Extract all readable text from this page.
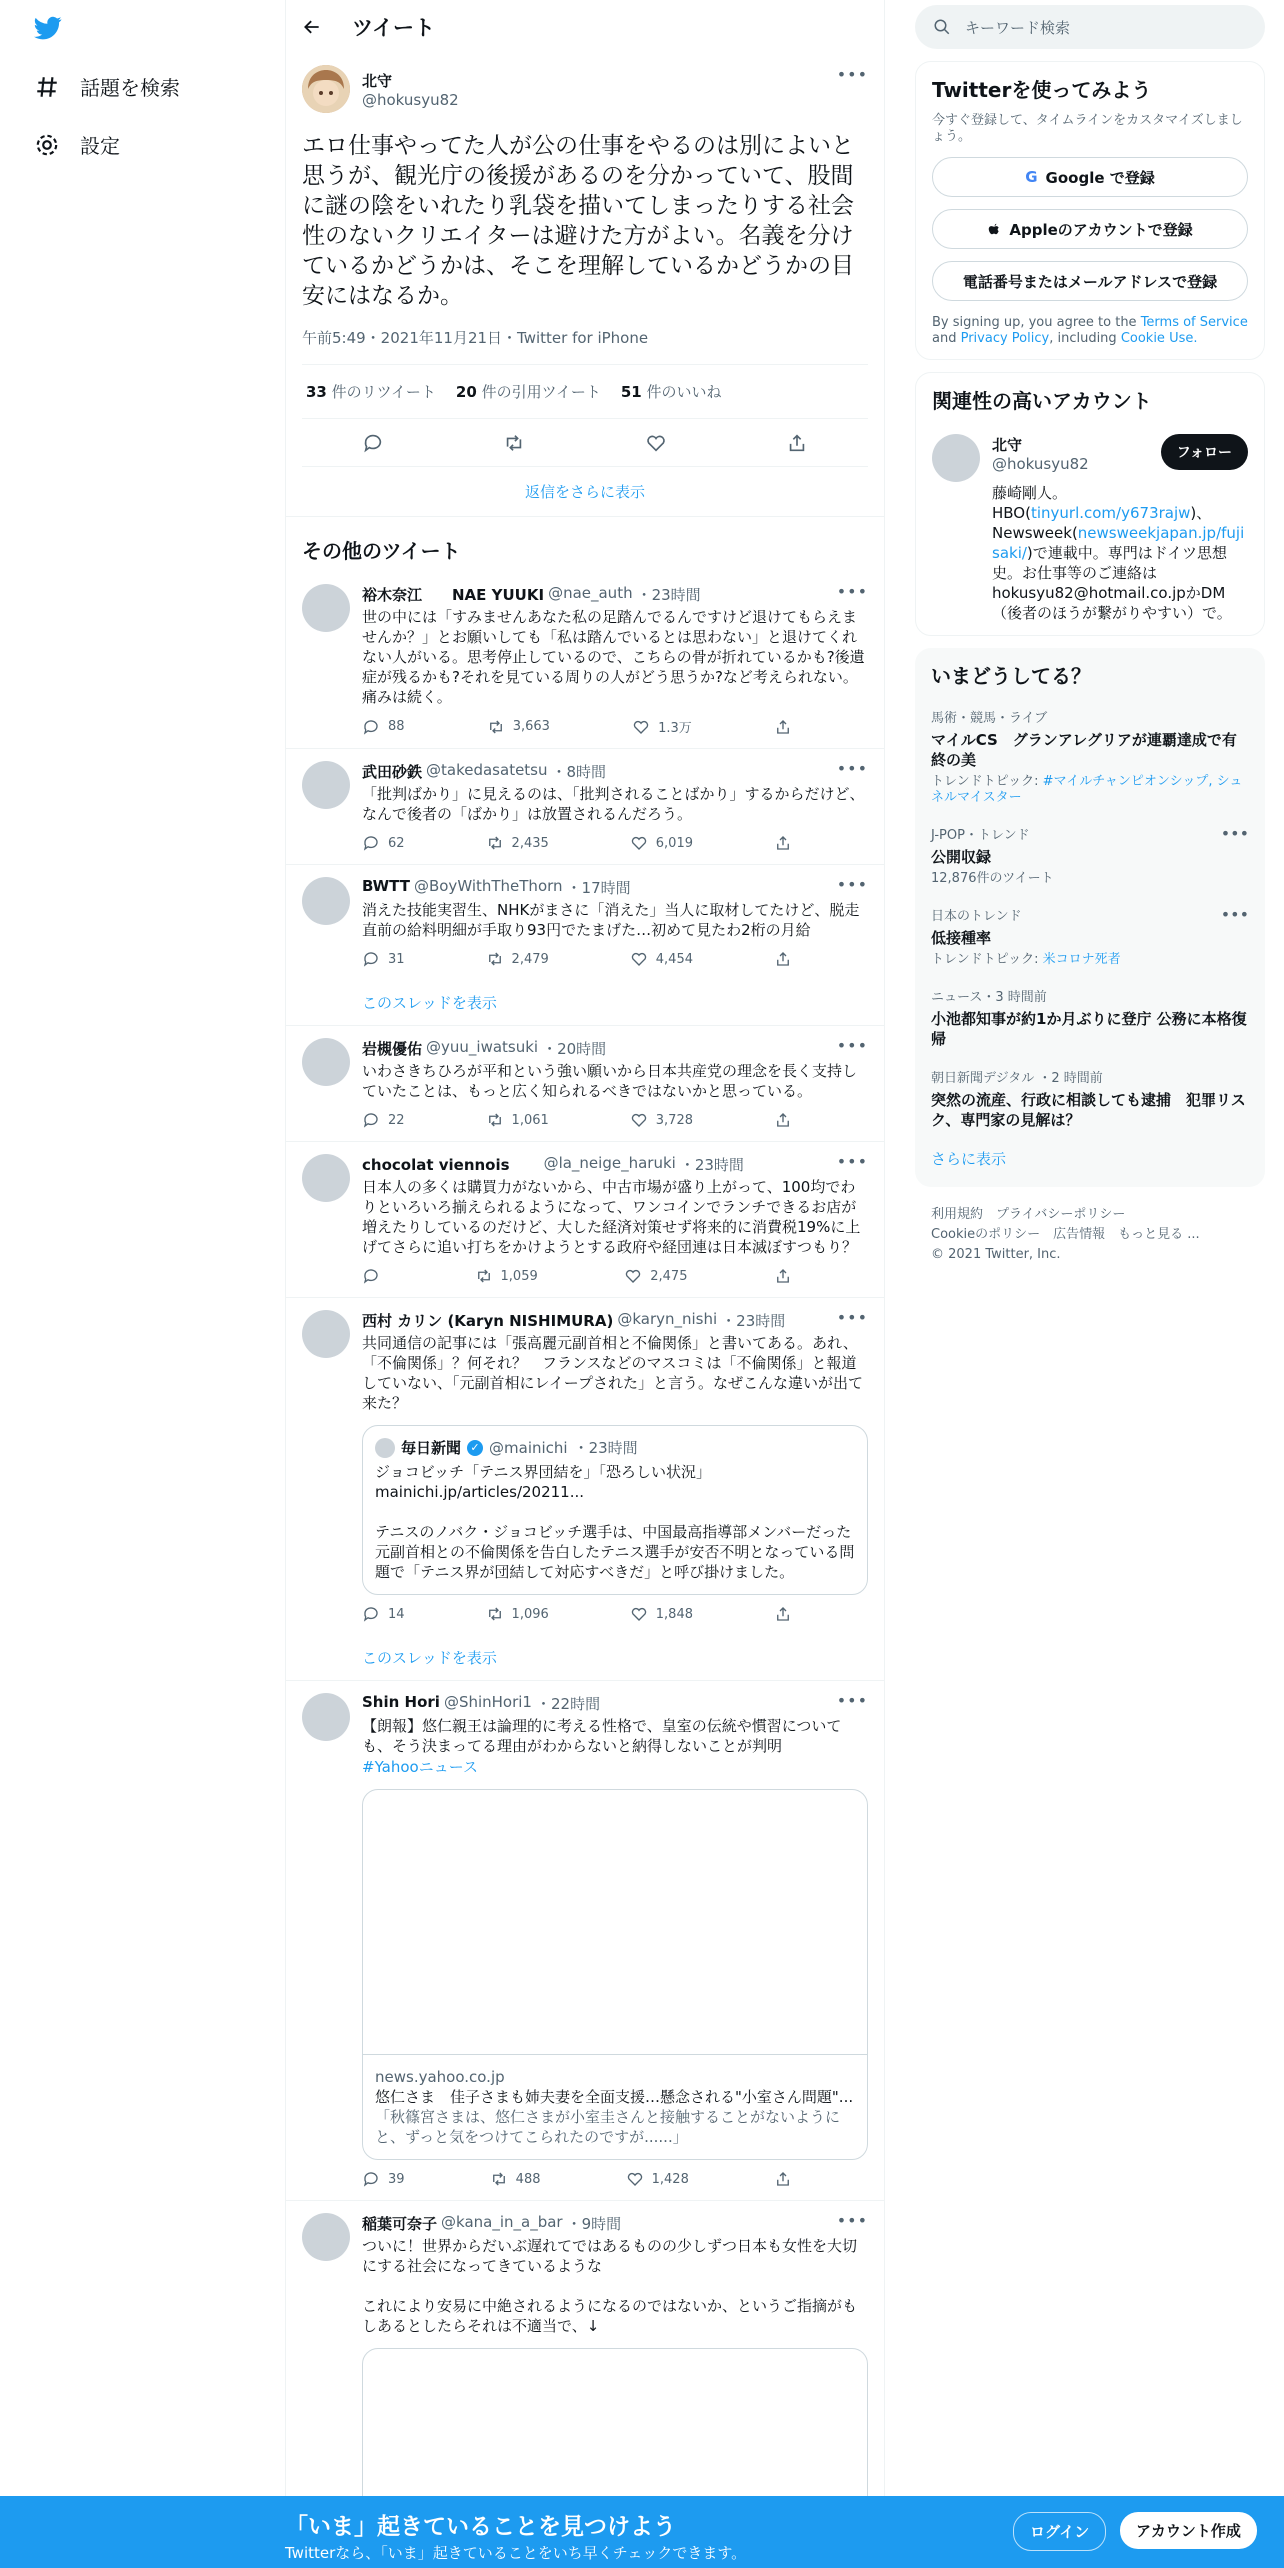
話題を検索
設定
ツイート
北守
@hokusyu82
•••
エロ仕事やってた人が公の仕事をやるのは別によいと思うが、観光庁の後援があるのを分かっていて、股間に謎の陰をいれたり乳袋を描いてしまったりする社会性のないクリエイターは避けた方がよい。名義を分けているかどうかは、そこを理解しているかどうかの目安にはなるか。
午前5:49・2021年11月21日・Twitter for iPhone
33 件のリツイート 20 件の引用ツイート 51 件のいいね
返信をさらに表示
その他のツイート
裕木奈江　　NAE YUUKI @nae_auth ・23時間	•••
世の中には「すみませんあなた私の足踏んでるんですけど退けてもらえませんか？」とお願いしても「私は踏んでいるとは思わない」と退けてくれない人がいる。思考停止しているので、こちらの骨が折れているかも?後遺症が残るかも?それを見ている周りの人がどう思うか?など考えられない。痛みは続く。
88	3,663	1.3万
武田砂鉄 @takedasatetsu ・8時間	•••
「批判ばかり」に見えるのは、「批判されることばかり」するからだけど、なんで後者の「ばかり」は放置されるんだろう。
62	2,435	6,019
BWTT @BoyWithTheThorn ・17時間	•••
消えた技能実習生、NHKがまさに「消えた」当人に取材してたけど、脱走直前の給料明細が手取り93円でたまげた…初めて見たわ2桁の月給
31	2,479	4,454
このスレッドを表示
岩槻優佑 @yuu_iwatsuki ・20時間	•••
いわさきちひろが平和という強い願いから日本共産党の理念を長く支持していたことは、もっと広く知られるべきではないかと思っている。
22	1,061	3,728
chocolat viennois　　 @la_neige_haruki ・23時間	•••
日本人の多くは購買力がないから、中古市場が盛り上がって、100均でわりといろいろ揃えられるようになって、ワンコインでランチできるお店が増えたりしているのだけど、大した経済対策せず将来的に消費税19%に上げてさらに追い打ちをかけようとする政府や経団連は日本滅ぼすつもり？
1,059	2,475
西村 カリン (Karyn NISHIMURA) @karyn_nishi ・23時間	•••
共同通信の記事には「張高麗元副首相と不倫関係」と書いてある。あれ、「不倫関係」？何それ？　フランスなどのマスコミは「不倫関係」と報道していない、「元副首相にレイープされた」と言う。なぜこんな違いが出て来た？
毎日新聞 ✓ @mainichi ・23時間
ジョコビッチ「テニス界団結を」「恐ろしい状況」
mainichi.jp/articles/20211...

テニスのノバク・ジョコビッチ選手は、中国最高指導部メンバーだった元副首相との不倫関係を告白したテニス選手が安否不明となっている問題で「テニス界が団結して対応すべきだ」と呼び掛けました。
14	1,096	1,848
このスレッドを表示
Shin Hori @ShinHori1 ・22時間	•••
【朗報】悠仁親王は論理的に考える性格で、皇室の伝統や慣習についても、そう決まってる理由がわからないと納得しないことが判明
#Yahooニュース
news.yahoo.co.jp
悠仁さま　佳子さまも姉夫妻を全面支援…懸念される"小室さん問題"...
「秋篠宮さまは、悠仁さまが小室圭さんと接触することがないようにと、ずっと気をつけてこられたのですが......」
39	488	1,428
稲葉可奈子 @kana_in_a_bar ・9時間	•••
ついに！世界からだいぶ遅れてではあるものの少しずつ日本も女性を大切にする社会になってきているような

これにより安易に中絶されるようになるのではないか、というご指摘がもしあるとしたらそれは不適当で、↓
キーワード検索
Twitterを使ってみよう
今すぐ登録して、タイムラインをカスタマイズしましょう。
G Google で登録
Appleのアカウントで登録
電話番号またはメールアドレスで登録
By signing up, you agree to the Terms of Service and Privacy Policy, including Cookie Use.
関連性の高いアカウント
北守
@hokusyu82
藤崎剛人。
HBO(tinyurl.com/y673rajw)、Newsweek(newsweekjapan.jp/fujisaki/)で連載中。専門はドイツ思想史。お仕事等のご連絡は hokusyu82@hotmail.co.jpかDM（後者のほうが繋がりやすい）で。
フォロー
いまどうしてる？
馬術・競馬・ライブ
マイルCS　グランアレグリアが連覇達成で有終の美
トレンドトピック: #マイルチャンピオンシップ, シュネルマイスター
J-POP・トレンド
公開収録
12,876件のツイート
•••
日本のトレンド
低接種率
トレンドトピック: 米コロナ死者
•••
ニュース・3 時間前
小池都知事が約1か月ぶりに登庁 公務に本格復帰
朝日新聞デジタル ・2 時間前
突然の流産、行政に相談しても逮捕　犯罪リスク、専門家の見解は？
さらに表示
利用規約　プライバシーポリシー
Cookieのポリシー　広告情報　もっと見る ...
© 2021 Twitter, Inc.
「いま」起きていることを見つけよう
Twitterなら、「いま」起きていることをいち早くチェックできます。
ログイン	アカウント作成
